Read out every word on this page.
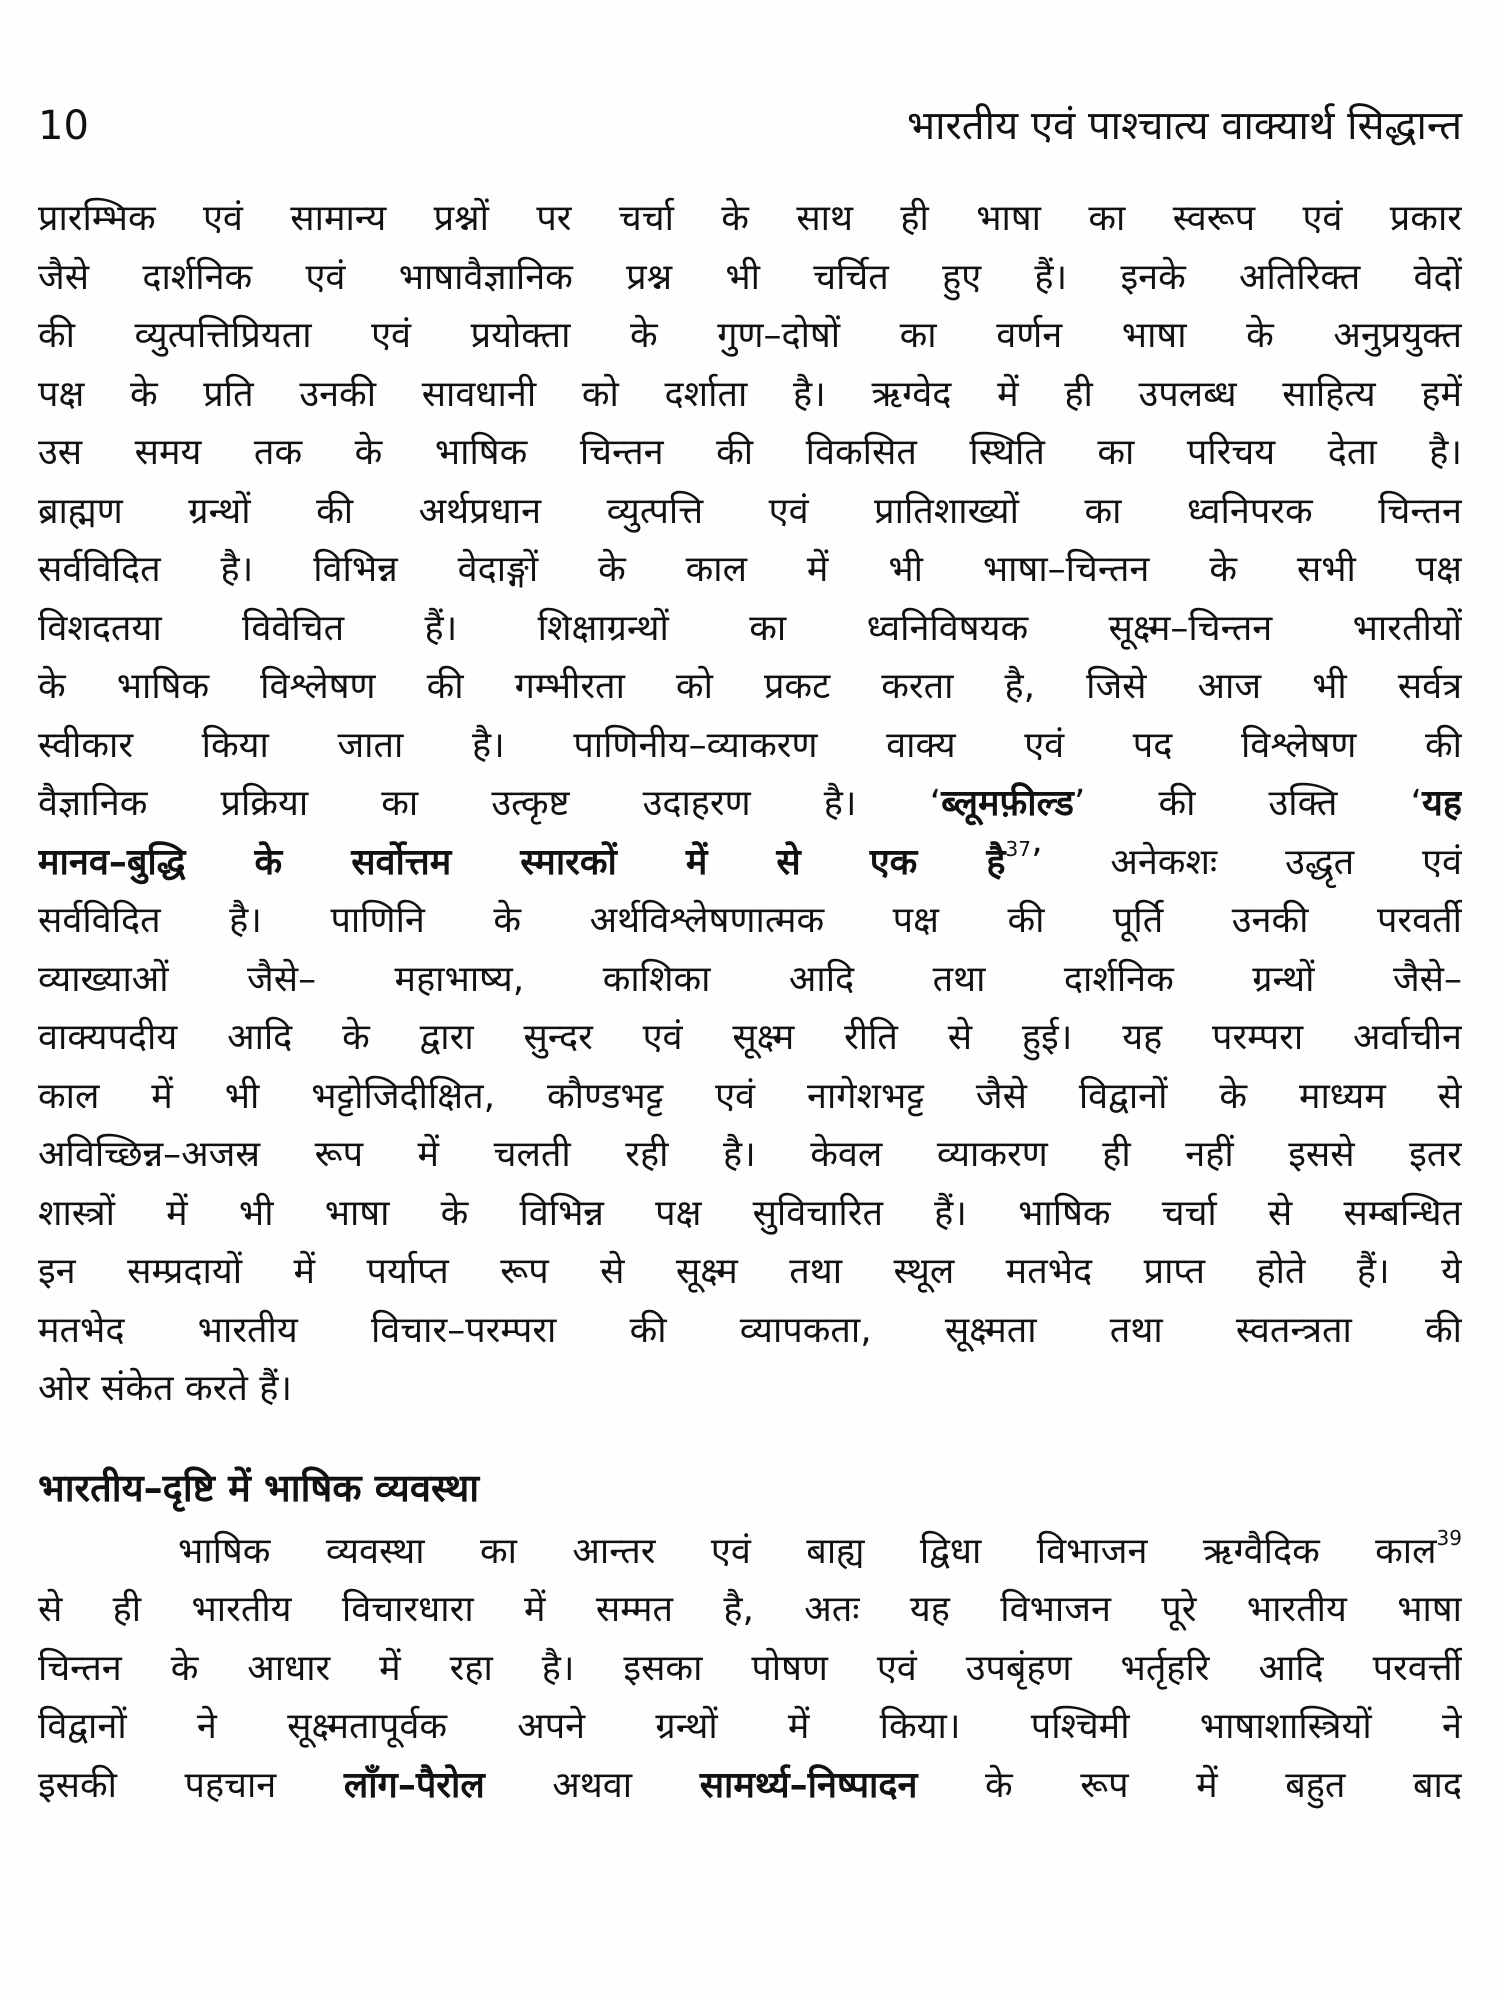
10	भारतीय एवं पाश्चात्य वाक्यार्थ सिद्धान्त
प्रारम्भिक एवं सामान्य प्रश्नों पर चर्चा के साथ ही भाषा का स्वरूप एवं प्रकार
जैसे दार्शनिक एवं भाषावैज्ञानिक प्रश्न भी चर्चित हुए हैं। इनके अतिरिक्त वेदों
की व्युत्पत्तिप्रियता एवं प्रयोक्ता के गुण–दोषों का वर्णन भाषा के अनुप्रयुक्त
पक्ष के प्रति उनकी सावधानी को दर्शाता है। ऋग्वेद में ही उपलब्ध साहित्य हमें
उस समय तक के भाषिक चिन्तन की विकसित स्थिति का परिचय देता है।
ब्राह्मण ग्रन्थों की अर्थप्रधान व्युत्पत्ति एवं प्रातिशाख्यों का ध्वनिपरक चिन्तन
सर्वविदित है। विभिन्न वेदाङ्गों के काल में भी भाषा–चिन्तन के सभी पक्ष
विशदतया विवेचित हैं। शिक्षाग्रन्थों का ध्वनिविषयक सूक्ष्म–चिन्तन भारतीयों
के भाषिक विश्लेषण की गम्भीरता को प्रकट करता है, जिसे आज भी सर्वत्र
स्वीकार किया जाता है। पाणिनीय–व्याकरण वाक्य एवं पद विश्लेषण की
वैज्ञानिक प्रक्रिया का उत्कृष्ट उदाहरण है। ‘ब्लूमफ़ील्ड’ की उक्ति ‘यह
मानव–बुद्धि के सर्वोत्तम स्मारकों में से एक है$^{37}$’ अनेकशः उद्धृत एवं
सर्वविदित है। पाणिनि के अर्थविश्लेषणात्मक पक्ष की पूर्ति उनकी परवर्ती
व्याख्याओं जैसे– महाभाष्य, काशिका आदि तथा दार्शनिक ग्रन्थों जैसे–
वाक्यपदीय आदि के द्वारा सुन्दर एवं सूक्ष्म रीति से हुई। यह परम्परा अर्वाचीन
काल में भी भट्टोजिदीक्षित, कौण्डभट्ट एवं नागेशभट्ट जैसे विद्वानों के माध्यम से
अविच्छिन्न–अजस्र रूप में चलती रही है। केवल व्याकरण ही नहीं इससे इतर
शास्त्रों में भी भाषा के विभिन्न पक्ष सुविचारित हैं। भाषिक चर्चा से सम्बन्धित
इन सम्प्रदायों में पर्याप्त रूप से सूक्ष्म तथा स्थूल मतभेद प्राप्त होते हैं। ये
मतभेद भारतीय विचार–परम्परा की व्यापकता, सूक्ष्मता तथा स्वतन्त्रता की
ओर संकेत करते हैं।
भारतीय–दृष्टि में भाषिक व्यवस्था
भाषिक व्यवस्था का आन्तर एवं बाह्य द्विधा विभाजन ऋग्वैदिक काल$^{39}$
से ही भारतीय विचारधारा में सम्मत है, अतः यह विभाजन पूरे भारतीय भाषा
चिन्तन के आधार में रहा है। इसका पोषण एवं उपबृंहण भर्तृहरि आदि परवर्त्ती
विद्वानों ने सूक्ष्मतापूर्वक अपने ग्रन्थों में किया। पश्चिमी भाषाशास्त्रियों ने
इसकी पहचान लाँग–पैरोल अथवा सामर्थ्य–निष्पादन के रूप में बहुत बाद
